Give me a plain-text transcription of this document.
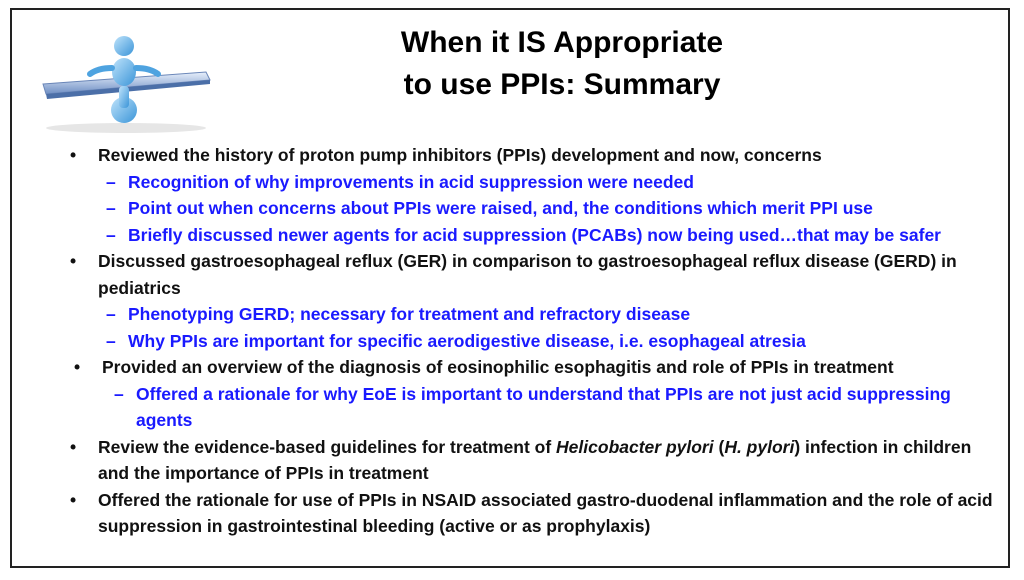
When it IS Appropriate
to use PPIs: Summary
• Reviewed the history of proton pump inhibitors (PPIs) development and now, concerns
– Recognition of why improvements in acid suppression were needed
– Point out when concerns about PPIs were raised, and, the conditions which merit PPI use
– Briefly discussed newer agents for acid suppression (PCABs) now being used…that may be safer
• Discussed gastroesophageal reflux (GER) in comparison to gastroesophageal reflux disease (GERD) in pediatrics
– Phenotyping GERD; necessary for treatment and refractory disease
– Why PPIs are important for specific aerodigestive disease, i.e. esophageal atresia
• Provided an overview of the diagnosis of eosinophilic esophagitis and role of PPIs in treatment
– Offered a rationale for why EoE is important to understand that PPIs are not just acid suppressing agents
• Review the evidence-based guidelines for treatment of Helicobacter pylori (H. pylori) infection in children and the importance of PPIs in treatment
• Offered the rationale for use of PPIs in NSAID associated gastro-duodenal inflammation and the role of acid suppression in gastrointestinal bleeding (active or as prophylaxis)
